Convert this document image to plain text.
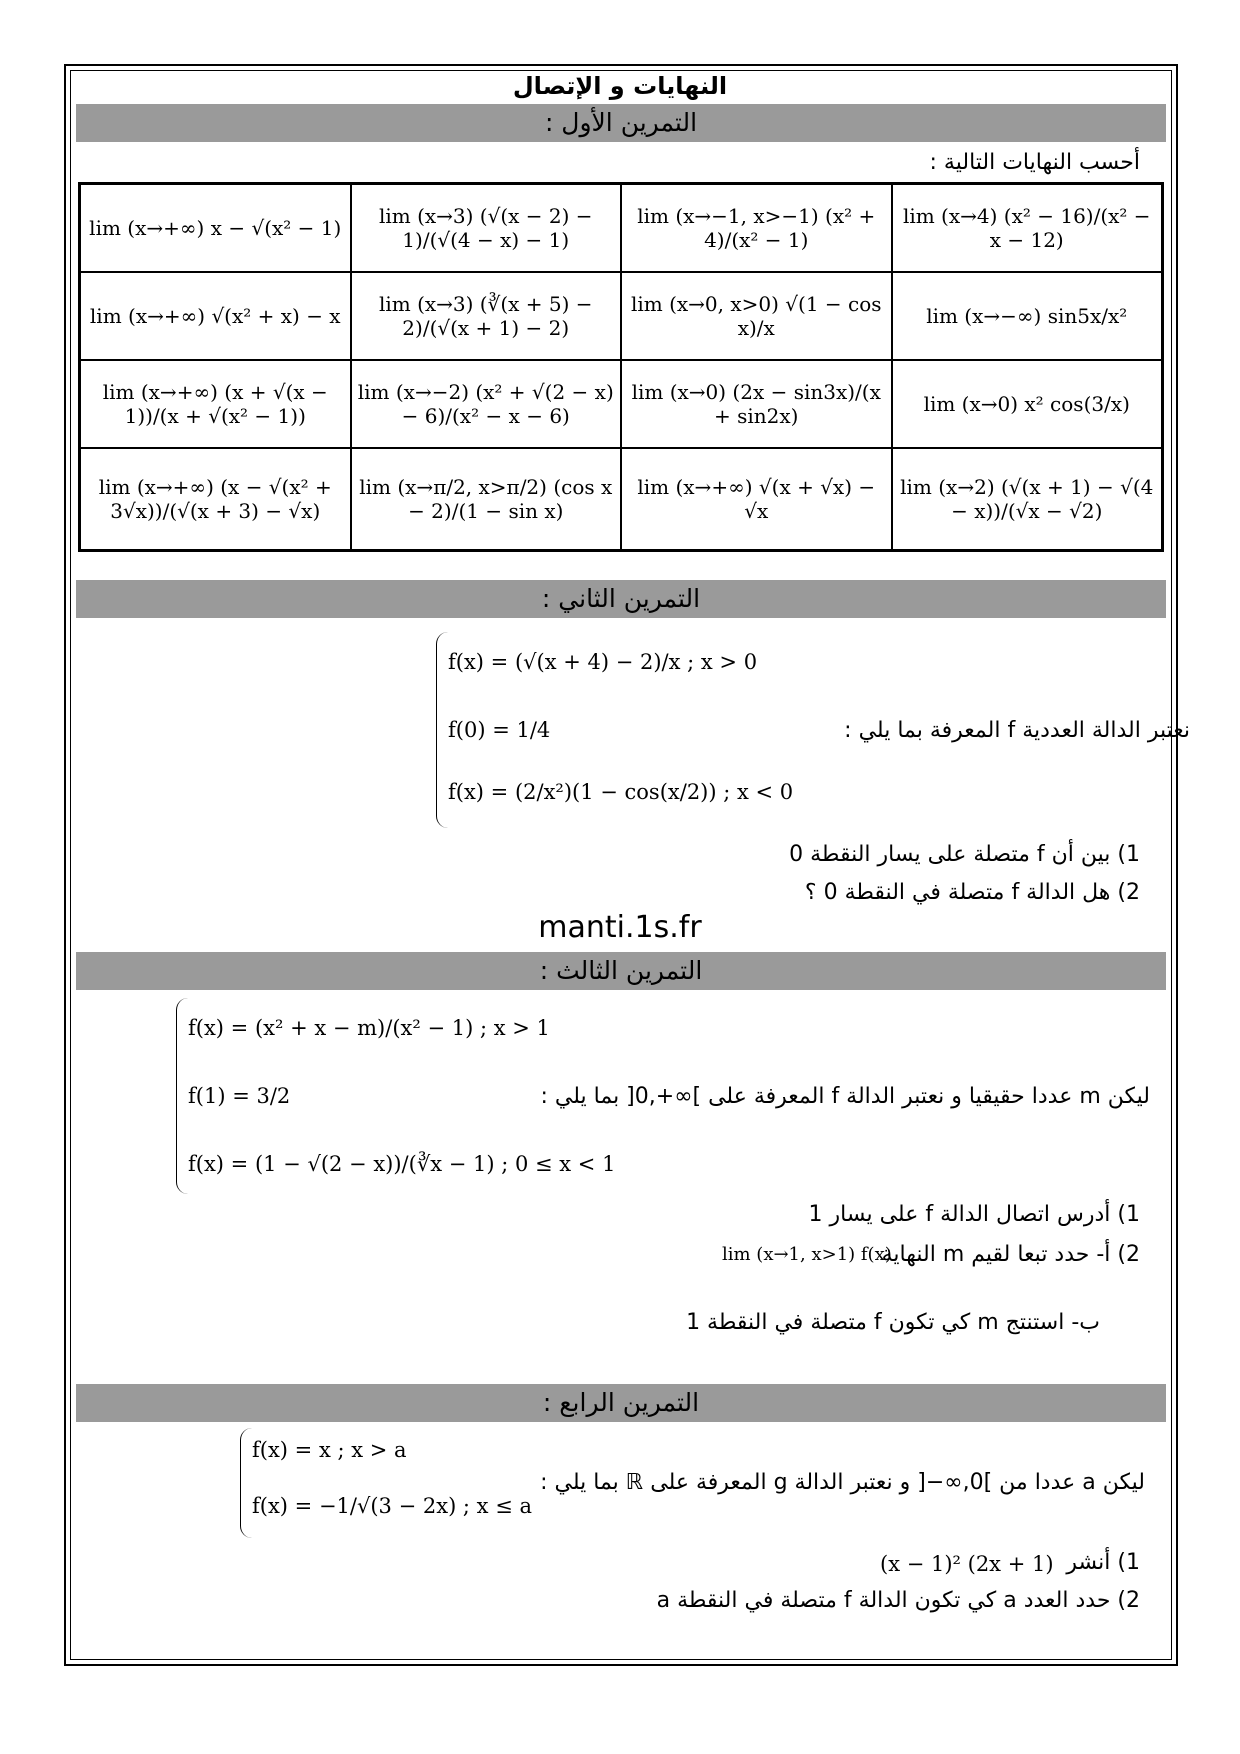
النهايات و الإتصال
التمرين الأول :
أحسب النهايات التالية :
lim (x→+∞) x − √(x² − 1)	lim (x→3) (√(x − 2) − 1)/(√(4 − x) − 1)	lim (x→−1, x>−1) (x² + 4)/(x² − 1)	lim (x→4) (x² − 16)/(x² − x − 12)
lim (x→+∞) √(x² + x) − x	lim (x→3) (∛(x + 5) − 2)/(√(x + 1) − 2)	lim (x→0, x>0) √(1 − cos x)/x	lim (x→−∞) sin5x/x²
lim (x→+∞) (x + √(x − 1))/(x + √(x² − 1))	lim (x→−2) (x² + √(2 − x) − 6)/(x² − x − 6)	lim (x→0) (2x − sin3x)/(x + sin2x)	lim (x→0) x² cos(3/x)
lim (x→+∞) (x − √(x² + 3√x))/(√(x + 3) − √x)	lim (x→π/2, x>π/2) (cos x − 2)/(1 − sin x)	lim (x→+∞) √(x + √x) − √x	lim (x→2) (√(x + 1) − √(4 − x))/(√x − √2)
التمرين الثاني :
f(x) = (√(x + 4) − 2)/x ; x > 0
f(0) = 1/4
f(x) = (2/x²)(1 − cos(x/2)) ; x < 0
نعتبر الدالة العددية f المعرفة بما يلي :
1) بين أن f متصلة على يسار النقطة 0
2) هل الدالة f متصلة في النقطة 0 ؟
manti.1s.fr
التمرين الثالث :
f(x) = (x² + x − m)/(x² − 1) ; x > 1
f(1) = 3/2
f(x) = (1 − √(2 − x))/(∛x − 1) ; 0 ≤ x < 1
ليكن m عددا حقيقيا و نعتبر الدالة f المعرفة على ]∞+,0[ بما يلي :
1) أدرس اتصال الدالة f على يسار 1
2) أ- حدد تبعا لقيم m النهاية
lim (x→1, x>1) f(x)
ب- استنتج m كي تكون f متصلة في النقطة 1
التمرين الرابع :
f(x) = x ; x > a
f(x) = −1/√(3 − 2x) ; x ≤ a
ليكن a عددا من ]0,∞−[ و نعتبر الدالة g المعرفة على ℝ بما يلي :
1) أنشر
(x − 1)² (2x + 1)
2) حدد العدد a كي تكون الدالة f متصلة في النقطة a
